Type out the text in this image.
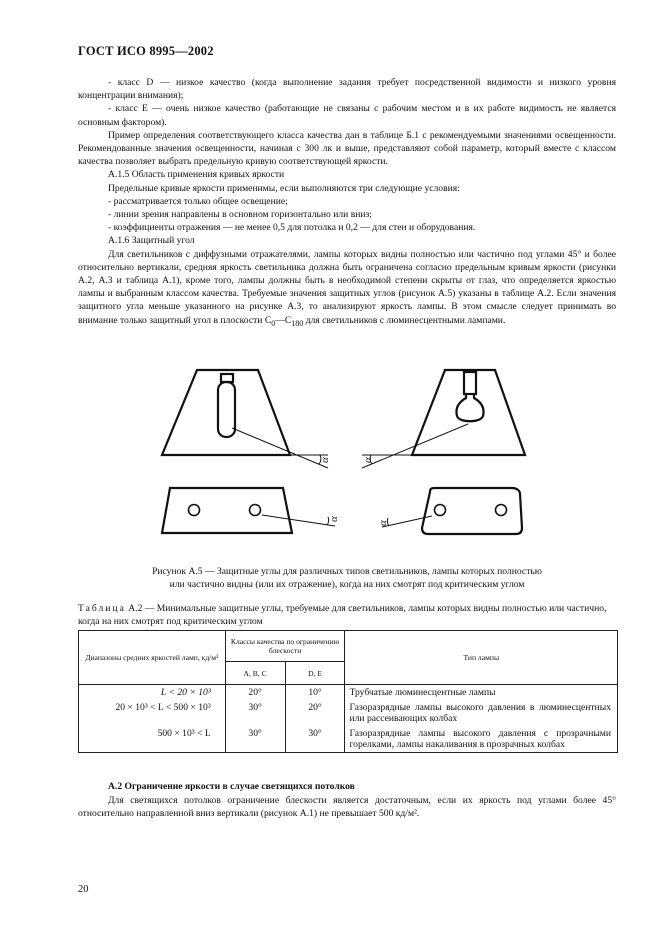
ГОСТ ИСО 8995—2002

- класс D — низкое качество (когда выполнение задания требует посредственной видимости и низкого уровня концентрации внимания);

- класс Е — очень низкое качество (работающие не связаны с рабочим местом и в их работе видимость не является основным фактором).

Пример определения соответствующего класса качества дан в таблице Б.1 с рекомендуемыми значениями освещенности. Рекомендованные значения освещенности, начиная с 300 лк и выше, представляют собой параметр, который вместе с классом качества позволяет выбрать предельную кривую соответствующей яркости.

А.1.5 Область применения кривых яркости

Предельные кривые яркости применимы, если выполняются три следующие условия:

- рассматривается только общее освещение;

- линии зрения направлены в основном горизонтально или вниз;

- коэффициенты отражения — не менее 0,5 для потолка и 0,2 — для стен и оборудования.

А.1.6 Защитный угол

Для светильников с диффузными отражателями, лампы которых видны полностью или частично под углами 45° и более относительно вертикали, средняя яркость светильника должна быть ограничена согласно предельным кривым яркости (рисунки А.2, А.3 и таблица А.1), кроме того, лампы должны быть в необходимой степени скрыты от глаз, что определяется яркостью лампы и выбранным классом качества. Требуемые значения защитных углов (рисунок А.5) указаны в таблице А.2. Если значения защитного угла меньше указанного на рисунке А.3, то анализируют яркость лампы. В этом смысле следует принимать во внимание только защитный угол в плоскости $C_0—C_{180}$ для светильников с люминесцентными лампами.

α	α
α
α
Рисунок А.5 — Защитные углы для различных типов светильников, лампы которых полностью
или частично видны (или их отражение), когда на них смотрят под критическим углом
Таблица А.2 — Минимальные защитные углы, требуемые для светильников, лампы которых видны полностью или частично, когда на них смотрят под критическим углом
Диапазоны средних яркостей ламп, кд/м²	Классы качества по ограничению блескости		Тип лампы
	А, В, С	D, Е	
L < 20 × 10³	20°	10°	Трубчатые люминесцентные лампы
20 × 10³ < L < 500 × 10³	30°	20°	Газоразрядные лампы высокого давления в люминесцентных или рассеивающих колбах
500 × 10³ < L	30°	30°	Газоразрядные лампы высокого давления с прозрачными горелками, лампы накаливания в прозрачных колбах

А.2 Ограничение яркости в случае светящихся потолков

Для светящихся потолков ограничение блескости является достаточным, если их яркость под углами более 45° относительно направленной вниз вертикали (рисунок А.1) не превышает 500 кд/м².

20
